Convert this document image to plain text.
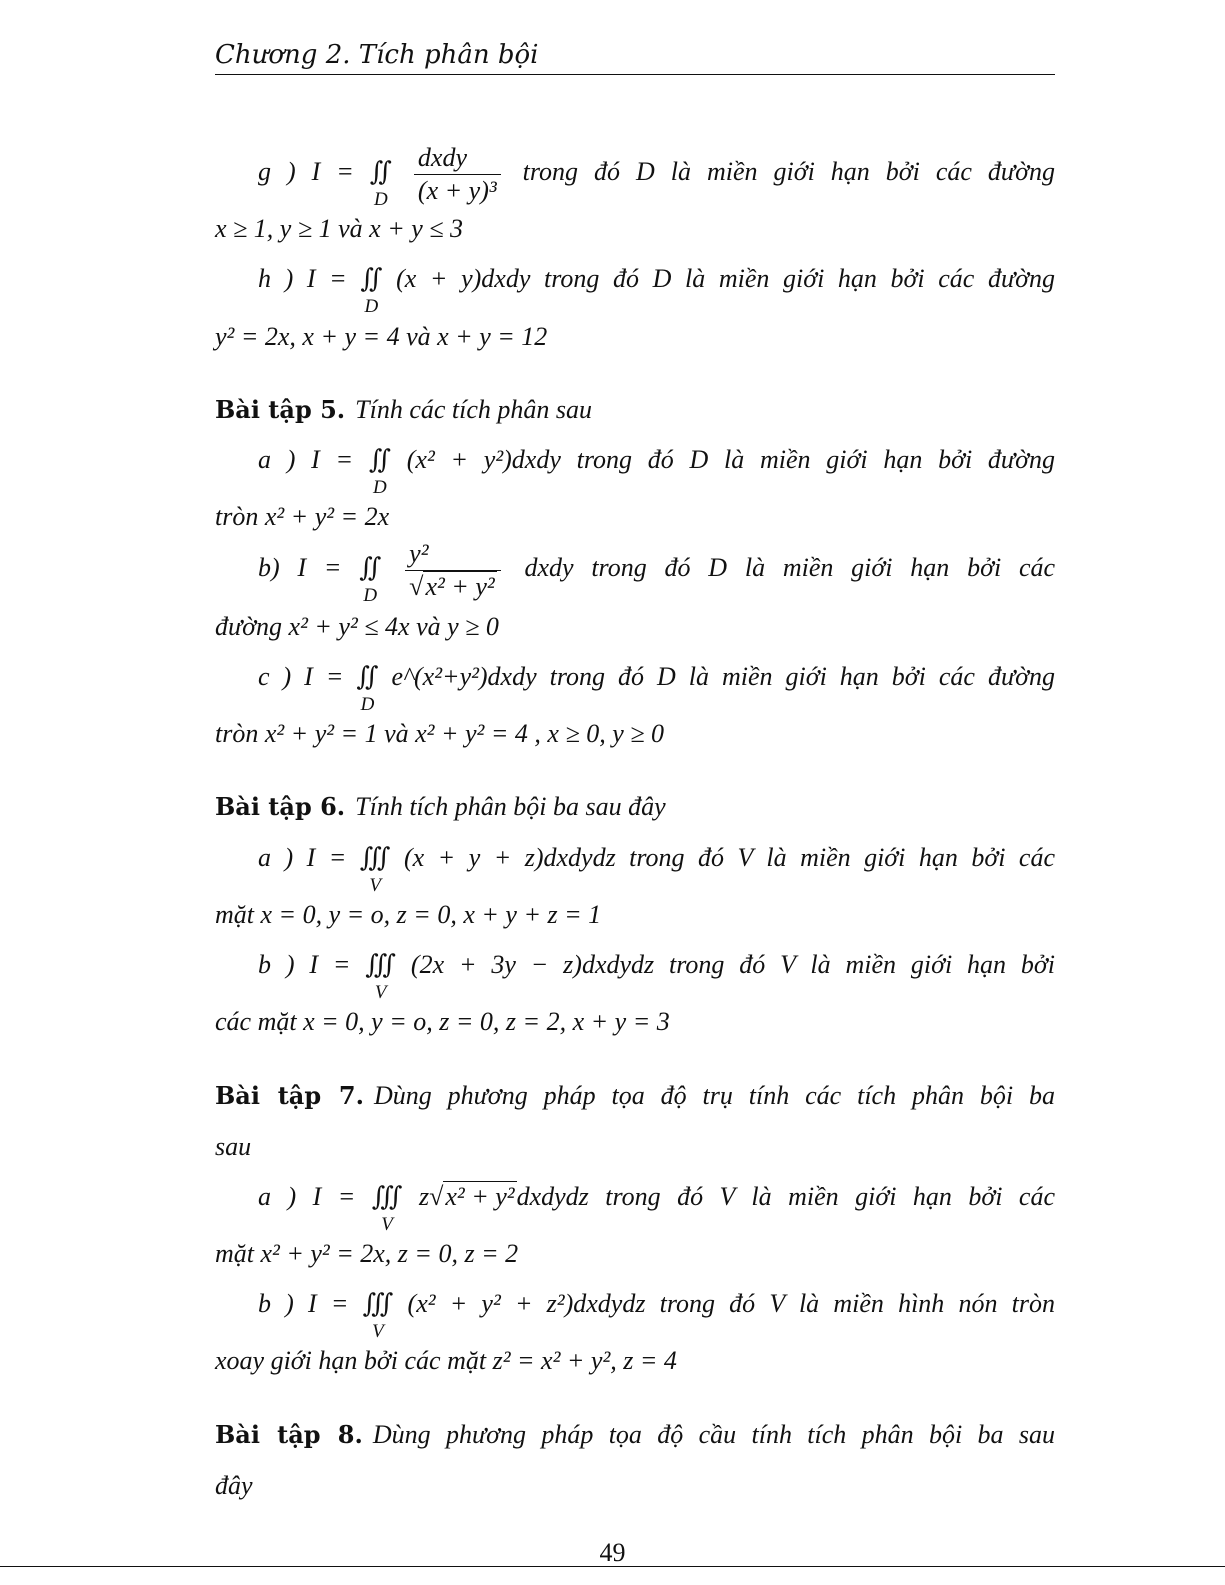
Chương 2. Tích phân bội
g ) I = ∬
D
$\frac{\text{dxdy}}{\text{(x + y)³}}$ trong đó D là miền giới hạn bởi các đường
x ≥ 1, y ≥ 1 và x + y ≤ 3
h ) I = ∬
D
(x + y)dxdy trong đó D là miền giới hạn bởi các đường
y² = 2x, x + y = 4 và x + y = 12
Bài tập 5. Tính các tích phân sau
a ) I = ∬
D
(x² + y²)dxdy trong đó D là miền giới hạn bởi đường
tròn x² + y² = 2x
b) I = ∬
D
$\frac{\text{y²}}{\text{√x² + y²}}$ dxdy trong đó D là miền giới hạn bởi các
đường x² + y² ≤ 4x và y ≥ 0
c ) I = ∬
D
e^(x²+y²)dxdy trong đó D là miền giới hạn bởi các đường
tròn x² + y² = 1 và x² + y² = 4 , x ≥ 0, y ≥ 0
Bài tập 6. Tính tích phân bội ba sau đây
a ) I = ∭
V
(x + y + z)dxdydz trong đó V là miền giới hạn bởi các
mặt x = 0, y = o, z = 0, x + y + z = 1
b ) I = ∭
V
(2x + 3y − z)dxdydz trong đó V là miền giới hạn bởi
các mặt x = 0, y = o, z = 0, z = 2, x + y = 3
Bài tập 7. Dùng phương pháp tọa độ trụ tính các tích phân bội ba
sau
a ) I = ∭
V
z√x² + y²dxdydz trong đó V là miền giới hạn bởi các
mặt x² + y² = 2x, z = 0, z = 2
b ) I = ∭
V
(x² + y² + z²)dxdydz trong đó V là miền hình nón tròn
xoay giới hạn bởi các mặt z² = x² + y², z = 4
Bài tập 8. Dùng phương pháp tọa độ cầu tính tích phân bội ba sau
đây
49
